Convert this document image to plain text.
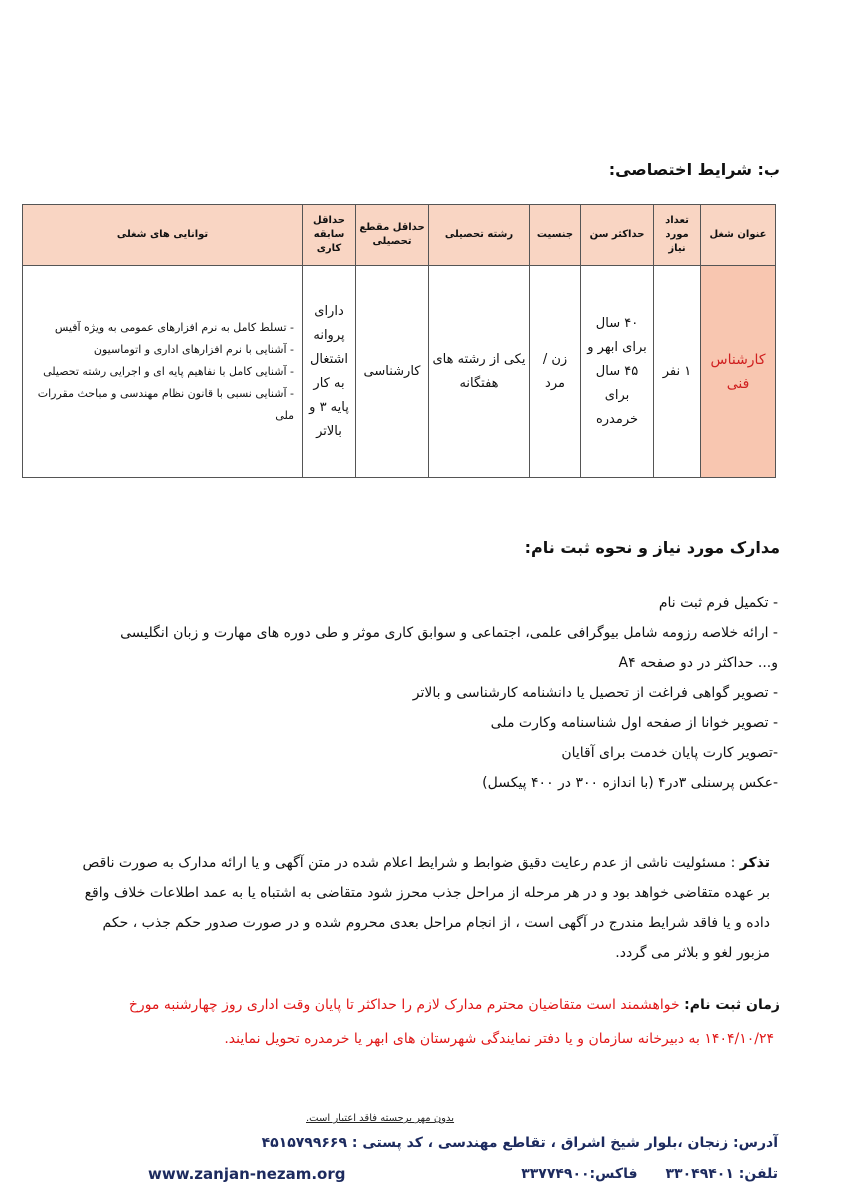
ب: شرایط اختصاصی:
عنوان شغل	تعداد مورد نیاز	حداکثر سن	جنسیت	رشته تحصیلی	حداقل مقطع تحصیلی	حداقل سابقه کاری	توانایی های شغلی
کارشناس فنی	۱ نفر	۴۰ سال برای ابهر و ۴۵ سال برای خرمدره	زن / مرد	یکی از رشته های هفتگانه	کارشناسی	دارای پروانه اشتغال به کار پایه ۳ و بالاتر	- تسلط کامل به نرم افزارهای عمومی به ویژه آفیس
- آشنایی با نرم افزارهای اداری و اتوماسیون
- آشنایی کامل با نفاهیم پایه ای و اجرایی رشته تحصیلی
- آشنایی نسبی با قانون نظام مهندسی و مباحث مقررات ملی
مدارک مورد نیاز و نحوه ثبت نام:
- تکمیل فرم ثبت نام
- ارائه خلاصه رزومه شامل بیوگرافی علمی، اجتماعی و سوابق کاری موثر و طی دوره های مهارت و زبان انگلیسی
و... حداکثر در دو صفحه A۴
- تصویر گواهی فراغت از تحصیل یا دانشنامه کارشناسی و بالاتر
- تصویر خوانا از صفحه اول شناسنامه وکارت ملی
-تصویر کارت پایان خدمت برای آقایان
-عکس پرسنلی ۳در۴ (با اندازه ۳۰۰ در ۴۰۰ پیکسل)
تذکر : مسئولیت ناشی از عدم رعایت دقیق ضوابط و شرایط اعلام شده در متن آگهی و یا ارائه مدارک به صورت ناقص بر عهده متقاضی خواهد بود و در هر مرحله از مراحل جذب محرز شود متقاضی به اشتباه یا به عمد اطلاعات خلاف واقع داده و یا فاقد شرایط مندرج در آگهی است ، از انجام مراحل بعدی محروم شده و در صورت صدور حکم جذب ، حکم مزبور لغو و بلاثر می گردد.
زمان ثبت نام: خواهشمند است متقاضیان محترم مدارک لازم را حداکثر تا پایان وقت اداری روز چهارشنبه مورخ
۱۴۰۴/۱۰/۲۴ به دبیرخانه سازمان و یا دفتر نمایندگی شهرستان های ابهر یا خرمدره تحویل نمایند.
بدون مهر برجسته فاقد اعتبار است.
آدرس: زنجان ،بلوار شیخ اشراق ، تقاطع مهندسی ، کد پستی : ۴۵۱۵۷۹۹۶۶۹
تلفن: ۳۳۰۴۹۴۰۱فاکس:۳۳۷۷۴۹۰۰
www.zanjan-nezam.org
